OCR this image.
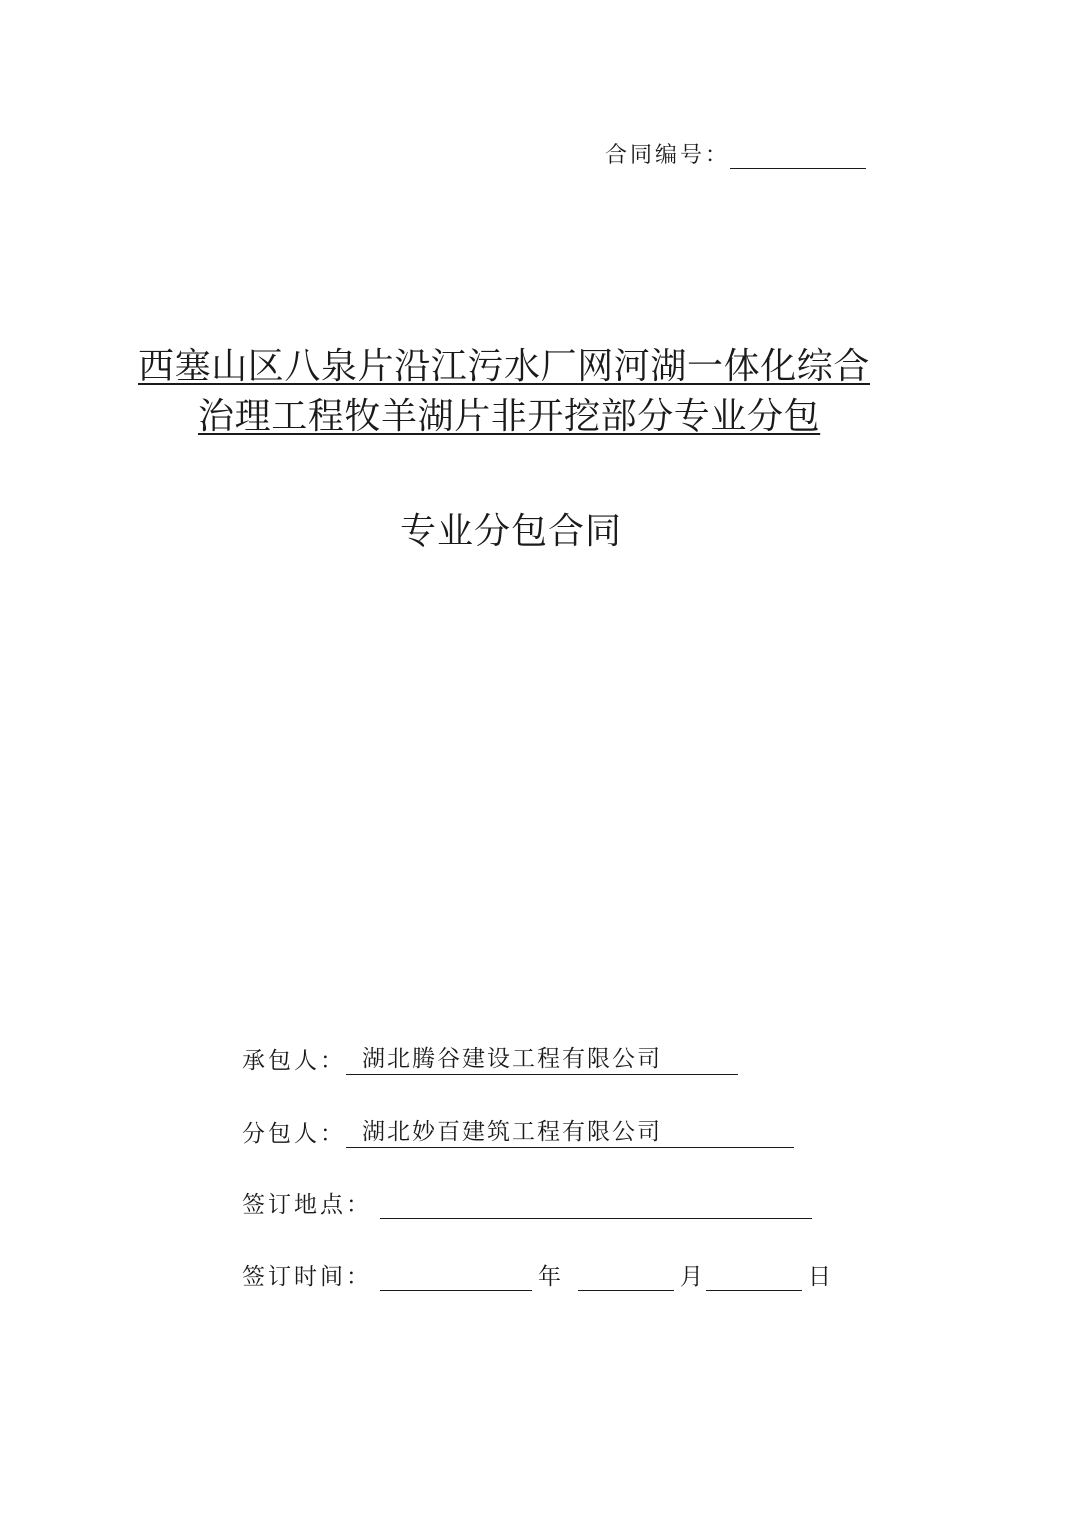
合同编号：
西塞山区八泉片沿江污水厂网河湖一体化综合
治理工程牧羊湖片非开挖部分专业分包
专业分包合同
承包人： 湖北腾谷建设工程有限公司
分包人： 湖北妙百建筑工程有限公司
签订地点：
签订时间：	年	月	日
